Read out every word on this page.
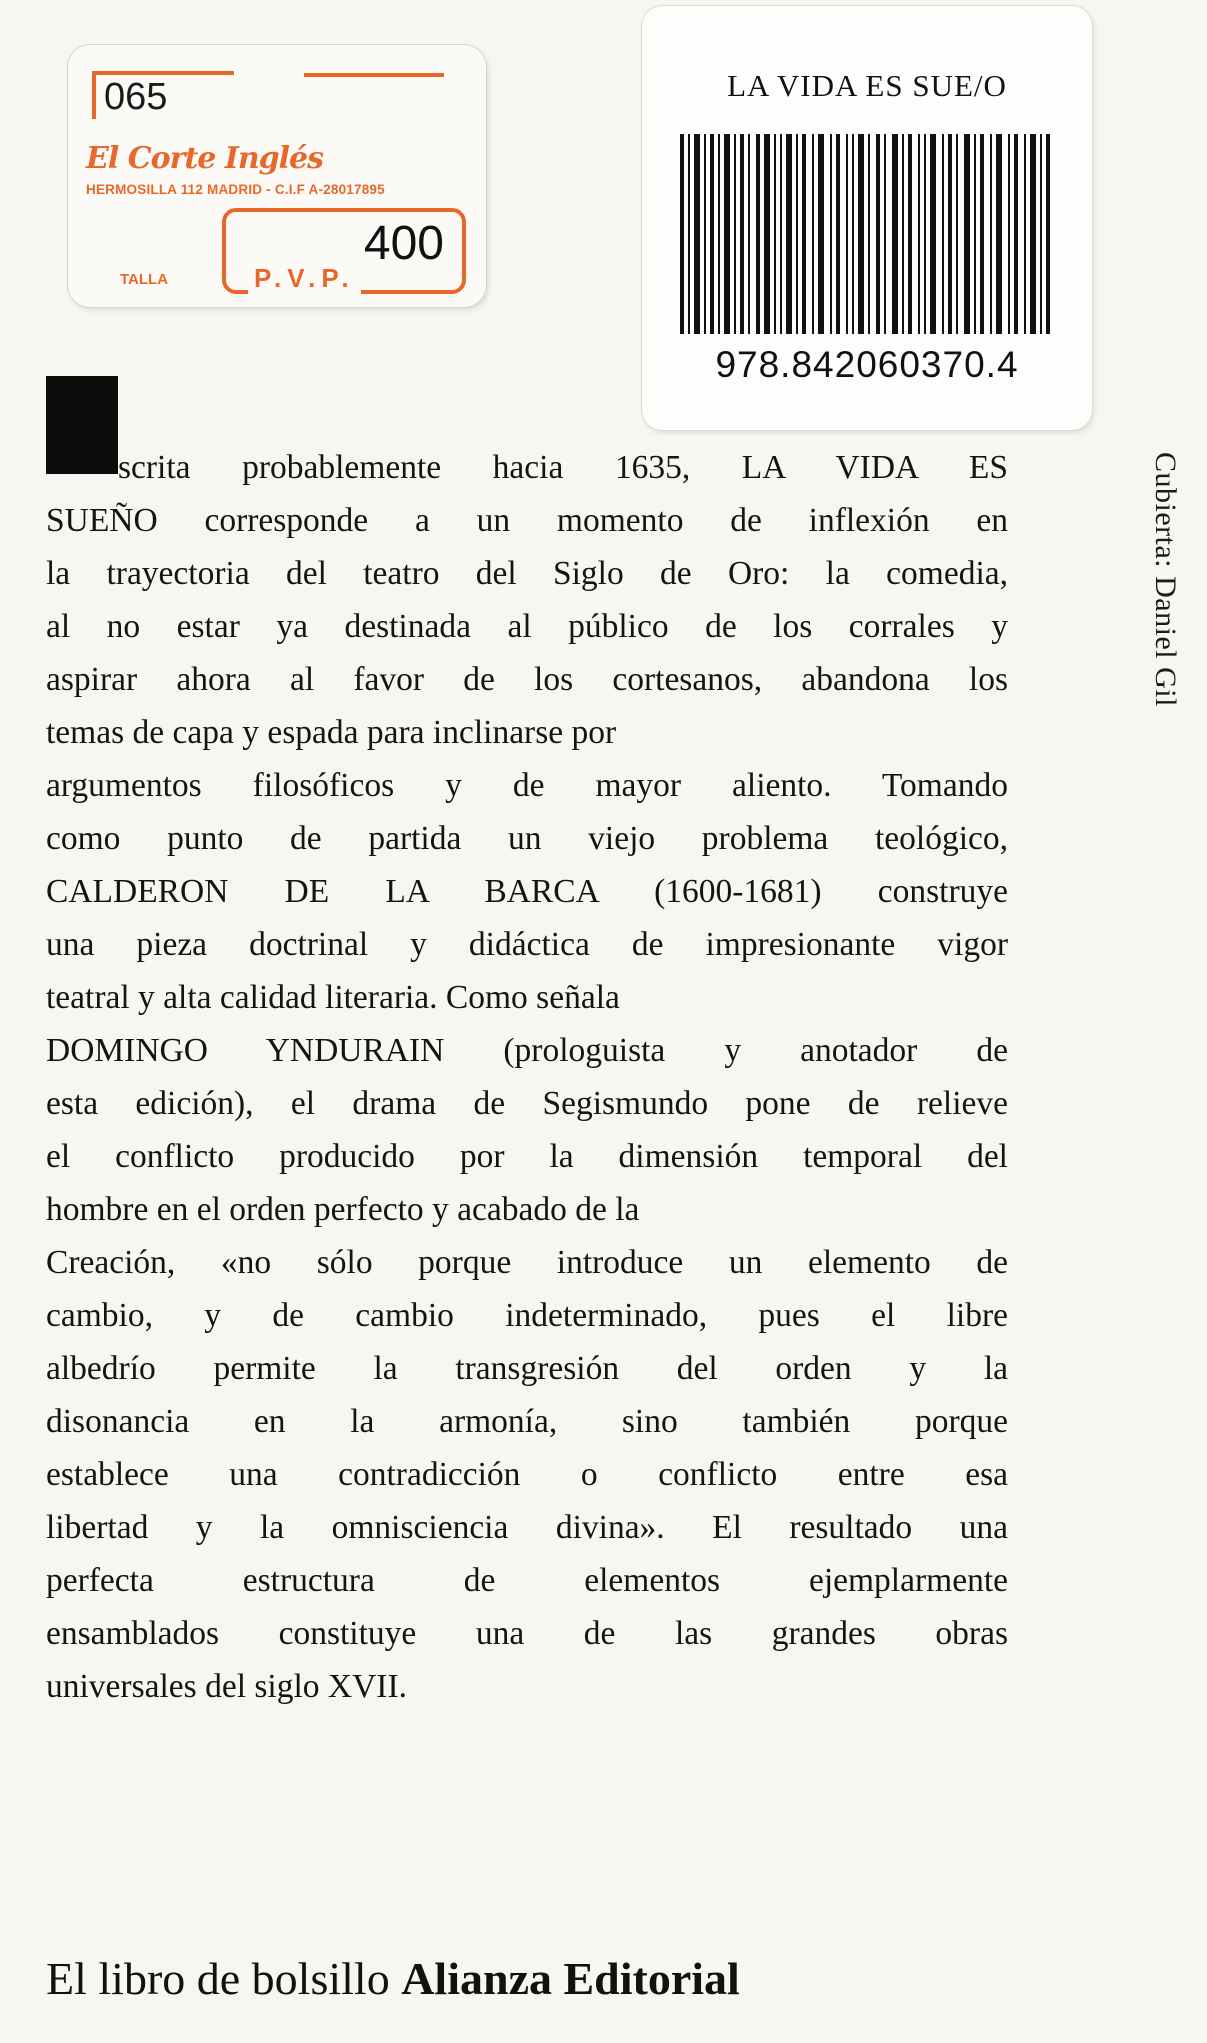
065
El Corte Inglés
HERMOSILLA 112 MADRID - C.I.F A-28017895
400
P.V.P.
TALLA
LA VIDA ES SUE/O
978.842060370.4
E

scrita probablemente hacia 1635, LA VIDA ES

SUEÑO corresponde a un momento de inflexión en

la trayectoria del teatro del Siglo de Oro: la comedia,

al no estar ya destinada al público de los corrales y

aspirar ahora al favor de los cortesanos, abandona los

temas de capa y espada para inclinarse por

argumentos filosóficos y de mayor aliento. Tomando

como punto de partida un viejo problema teológico,

CALDERON DE LA BARCA (1600-1681) construye

una pieza doctrinal y didáctica de impresionante vigor

teatral y alta calidad literaria. Como señala

DOMINGO YNDURAIN (prologuista y anotador de

esta edición), el drama de Segismundo pone de relieve

el conflicto producido por la dimensión temporal del

hombre en el orden perfecto y acabado de la

Creación, «no sólo porque introduce un elemento de

cambio, y de cambio indeterminado, pues el libre

albedrío permite la transgresión del orden y la

disonancia en la armonía, sino también porque

establece una contradicción o conflicto entre esa

libertad y la omnisciencia divina». El resultado una

perfecta estructura de elementos ejemplarmente

ensamblados constituye una de las grandes obras

universales del siglo XVII.

Cubierta: Daniel Gil
El libro de bolsillo Alianza Editorial
